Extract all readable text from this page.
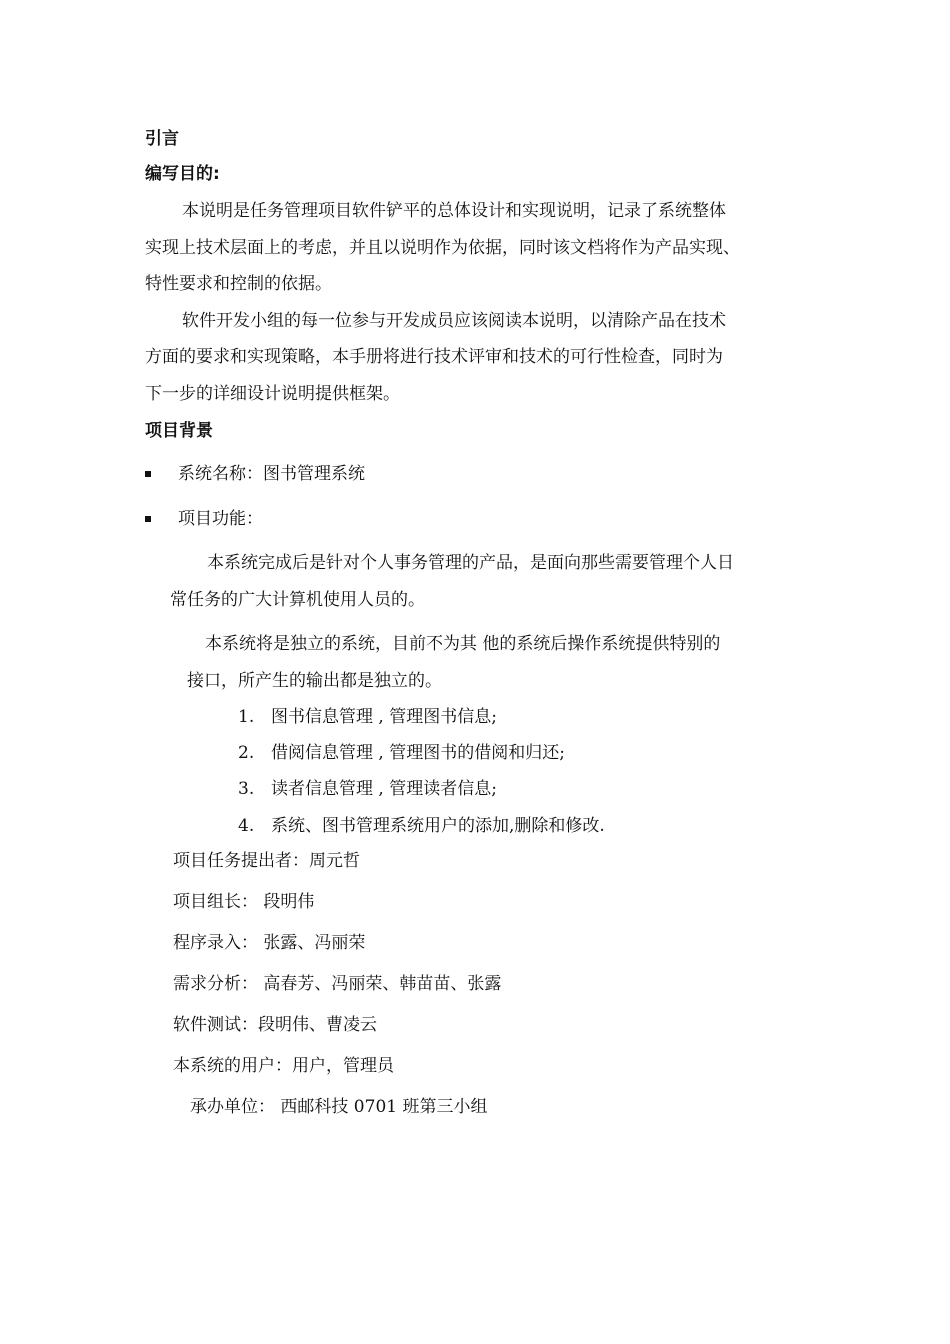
引言
编写目的:
本说明是任务管理项目软件铲平的总体设计和实现说明，记录了系统整体
实现上技术层面上的考虑，并且以说明作为依据，同时该文档将作为产品实现、
特性要求和控制的依据。
软件开发小组的每一位参与开发成员应该阅读本说明，以清除产品在技术
方面的要求和实现策略，本手册将进行技术评审和技术的可行性检查，同时为
下一步的详细设计说明提供框架。
项目背景
系统名称：图书管理系统
项目功能：
本系统完成后是针对个人事务管理的产品，是面向那些需要管理个人日
常任务的广大计算机使用人员的。
本系统将是独立的系统，目前不为其 他的系统后操作系统提供特别的
接口，所产生的输出都是独立的。
1. 图书信息管理 , 管理图书信息;
2. 借阅信息管理 , 管理图书的借阅和归还;
3. 读者信息管理 , 管理读者信息;
4. 系统、图书管理系统用户的添加,删除和修改.
项目任务提出者：周元哲
项目组长： 段明伟
程序录入： 张露、冯丽荣
需求分析： 高春芳、冯丽荣、韩苗苗、张露
软件测试：段明伟、曹凌云
本系统的用户：用户，管理员
承办单位： 西邮科技 0701 班第三小组
